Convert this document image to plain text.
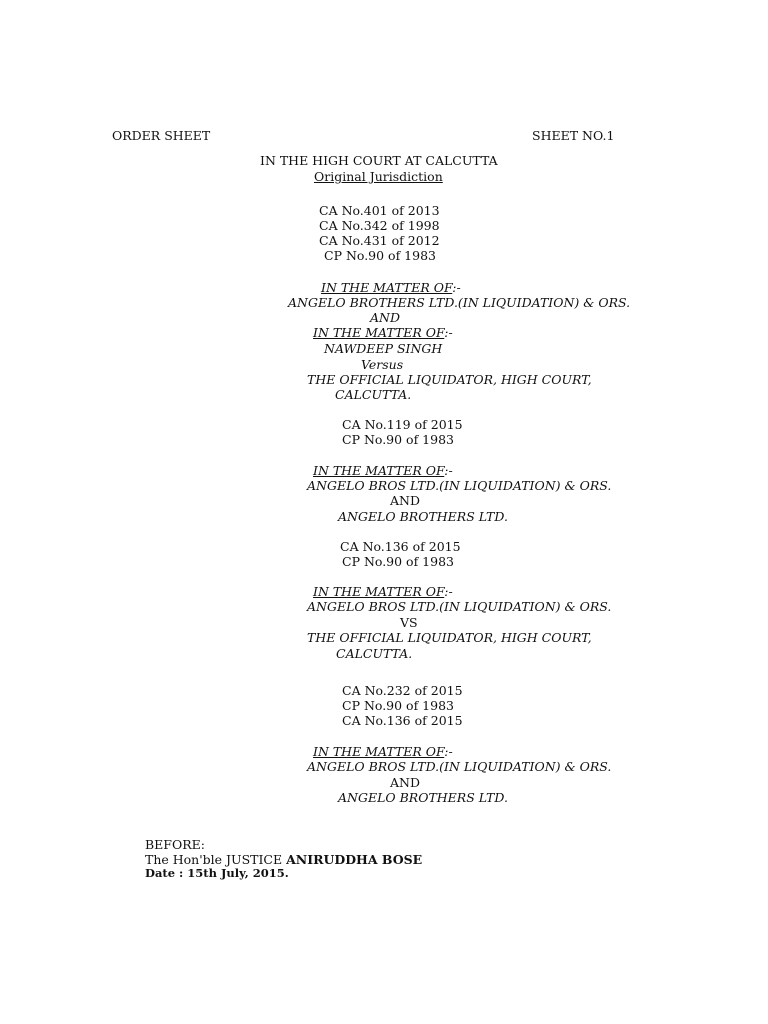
ORDER SHEET	SHEET NO.1
IN THE HIGH COURT AT CALCUTTA
Original Jurisdiction
CA No.401 of 2013
CA No.342 of 1998
CA No.431 of 2012
CP No.90 of 1983
IN THE MATTER OF:-
ANGELO BROTHERS LTD.(IN LIQUIDATION) & ORS.
AND
IN THE MATTER OF:-
NAWDEEP SINGH
Versus
THE OFFICIAL LIQUIDATOR, HIGH COURT,
CALCUTTA.
CA No.119 of 2015
CP No.90 of 1983
IN THE MATTER OF:-
ANGELO BROS LTD.(IN LIQUIDATION) & ORS.
AND
ANGELO BROTHERS LTD.
CA No.136 of 2015
CP No.90 of 1983
IN THE MATTER OF:-
ANGELO BROS LTD.(IN LIQUIDATION) & ORS.
VS
THE OFFICIAL LIQUIDATOR, HIGH COURT,
CALCUTTA.
CA No.232 of 2015
CP No.90 of 1983
CA No.136 of 2015
IN THE MATTER OF:-
ANGELO BROS LTD.(IN LIQUIDATION) & ORS.
AND
ANGELO BROTHERS LTD.
BEFORE:
The Hon'ble JUSTICE ANIRUDDHA BOSE
Date : 15th July, 2015.
